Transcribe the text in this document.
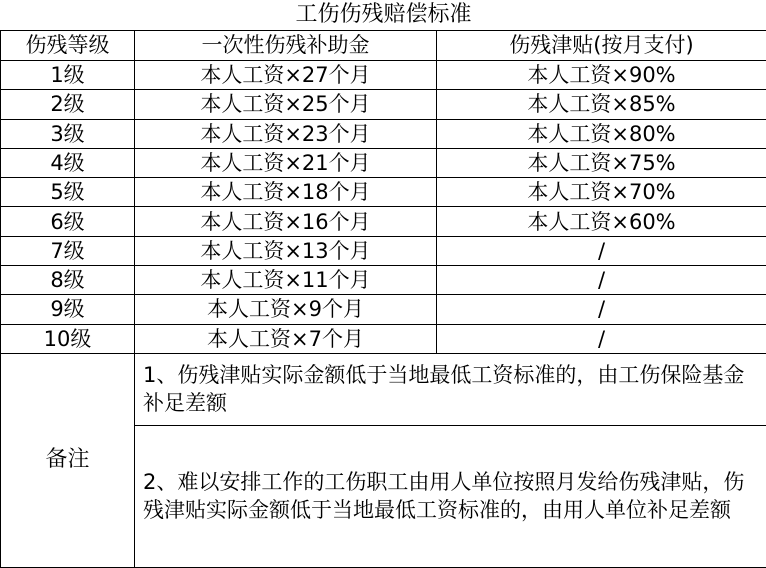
工伤伤残赔偿标准		
伤残等级	一次性伤残补助金	伤残津贴(按月支付)
1级	本人工资×27个月	本人工资×90%
2级	本人工资×25个月	本人工资×85%
3级	本人工资×23个月	本人工资×80%
4级	本人工资×21个月	本人工资×75%
5级	本人工资×18个月	本人工资×70%
6级	本人工资×16个月	本人工资×60%
7级	本人工资×13个月	/
8级	本人工资×11个月	/
9级	本人工资×9个月	/
10级	本人工资×7个月	/
备注	1、伤残津贴实际金额低于当地最低工资标准的，由工伤保险基金补足差额	
	2、难以安排工作的工伤职工由用人单位按照月发给伤残津贴，伤残津贴实际金额低于当地最低工资标准的，由用人单位补足差额	
